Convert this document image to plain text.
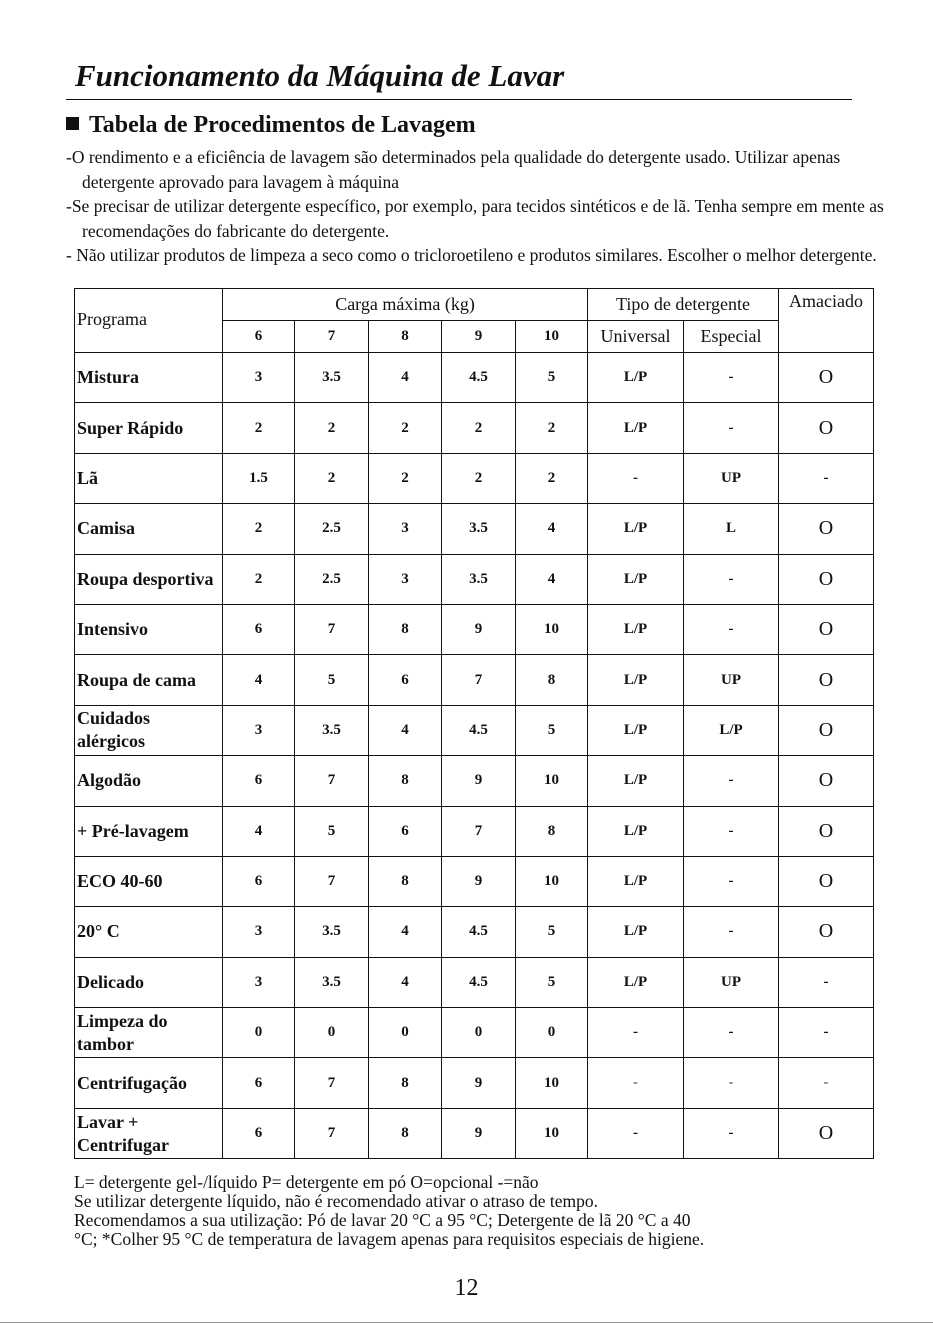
Funcionamento da Máquina de Lavar
Tabela de Procedimentos de Lavagem

-O rendimento e a eficiência de lavagem são determinados pela qualidade do detergente usado. Utilizar apenas detergente aprovado para lavagem à máquina

-Se precisar de utilizar detergente específico, por exemplo, para tecidos sintéticos e de lã. Tenha sempre em mente as recomendações do fabricante do detergente.

- Não utilizar produtos de limpeza a seco como o tricloroetileno e produtos similares. Escolher o melhor detergente.

Programa	Carga máxima (kg)					Tipo de detergente		Amaciado
	6	7	8	9	10	Universal	Especial	
Mistura	3	3.5	4	4.5	5	L/P	-	O
Super Rápido	2	2	2	2	2	L/P	-	O
Lã	1.5	2	2	2	2	-	UP	-
Camisa	2	2.5	3	3.5	4	L/P	L	O
Roupa desportiva	2	2.5	3	3.5	4	L/P	-	O
Intensivo	6	7	8	9	10	L/P	-	O
Roupa de cama	4	5	6	7	8	L/P	UP	O
Cuidados alérgicos	3	3.5	4	4.5	5	L/P	L/P	O
Algodão	6	7	8	9	10	L/P	-	O
+ Pré-lavagem	4	5	6	7	8	L/P	-	O
ECO 40-60	6	7	8	9	10	L/P	-	O
20° C	3	3.5	4	4.5	5	L/P	-	O
Delicado	3	3.5	4	4.5	5	L/P	UP	-
Limpeza do tambor	0	0	0	0	0	-	-	-
Centrifugação	6	7	8	9	10	-	-	-
Lavar + Centrifugar	6	7	8	9	10	-	-	O
L= detergente gel-/líquido P= detergente em pó O=opcional -=não
Se utilizar detergente líquido, não é recomendado ativar o atraso de tempo.
Recomendamos a sua utilização: Pó de lavar 20 °C a 95 °C; Detergente de lã 20 °C a 40
°C; *Colher 95 °C de temperatura de lavagem apenas para requisitos especiais de higiene.
12
